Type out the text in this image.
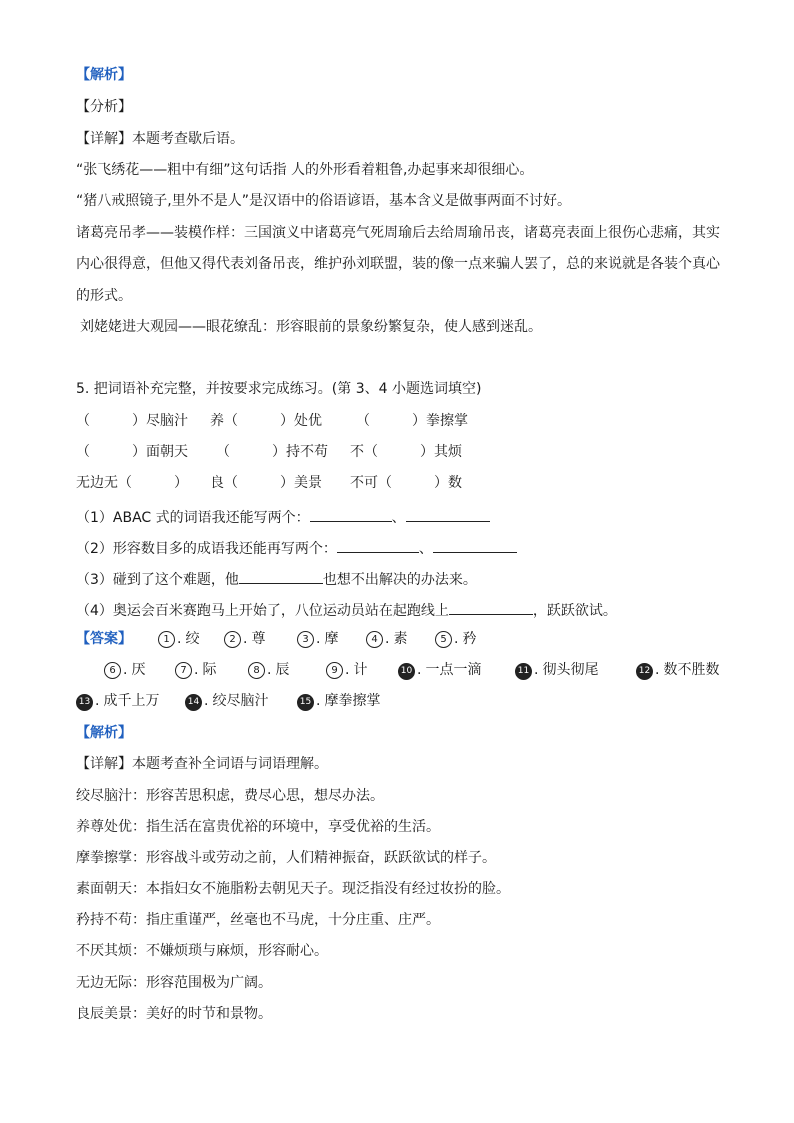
【解析】
【分析】
【详解】本题考查歇后语。
“张飞绣花——粗中有细”这句话指 人的外形看着粗鲁,办起事来却很细心。
“猪八戒照镜子,里外不是人”是汉语中的俗语谚语，基本含义是做事两面不讨好。
诸葛亮吊孝——装模作样：三国演义中诸葛亮气死周瑜后去给周瑜吊丧，诸葛亮表面上很伤心悲痛，其实
内心很得意，但他又得代表刘备吊丧，维护孙刘联盟，装的像一点来骗人罢了，总的来说就是各装个真心
的形式。
刘姥姥进大观园——眼花缭乱：形容眼前的景象纷繁复杂，使人感到迷乱。
5. 把词语补充完整，并按要求完成练习。(第 3、4 小题选词填空)
（　　　）尽脑汁 养（　　　）处优 （　　　）拳擦掌
（　　　）面朝天 （　　　）持不苟 不（　　　）其烦
无边无（　　　） 良（　　　）美景 不可（　　　）数
（1）ABAC 式的词语我还能写两个：	、
（2）形容数目多的成语我还能再写两个：	、
（3）碰到了这个难题，他	也想不出解决的办法来。
（4）奥运会百米赛跑马上开始了，八位运动员站在起跑线上	，跃跃欲试。
【答案】	1 . 绞	2 . 尊	3 . 摩	4 . 素	5 . 矜
6 . 厌	7 . 际	8 . 辰	9 . 计	10 . 一点一滴	11 . 彻头彻尾	12 . 数不胜数
13 . 成千上万	14 . 绞尽脑汁	15 . 摩拳擦掌
【解析】
【详解】本题考查补全词语与词语理解。
绞尽脑汁：形容苦思积虑，费尽心思，想尽办法。
养尊处优：指生活在富贵优裕的环境中，享受优裕的生活。
摩拳擦掌：形容战斗或劳动之前，人们精神振奋，跃跃欲试的样子。
素面朝天：本指妇女不施脂粉去朝见天子。现泛指没有经过妆扮的脸。
矜持不苟：指庄重谨严，丝毫也不马虎，十分庄重、庄严。
不厌其烦：不嫌烦琐与麻烦，形容耐心。
无边无际：形容范围极为广阔。
良辰美景：美好的时节和景物。
